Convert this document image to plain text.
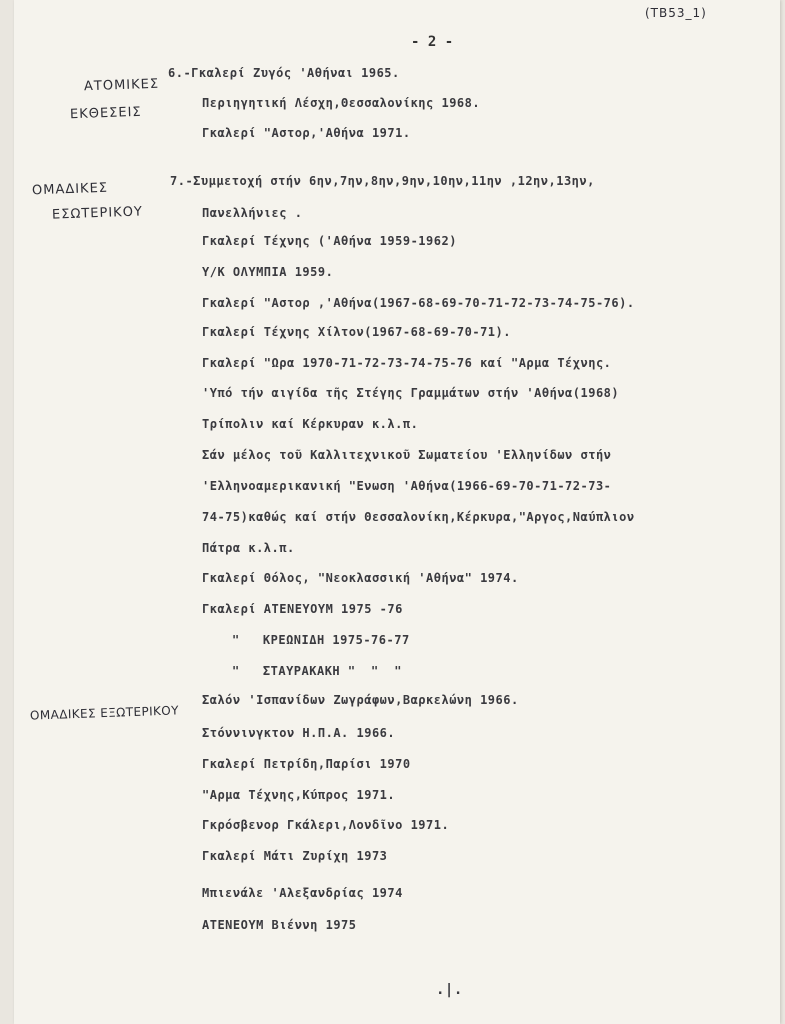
(ΤΒ53_1)
- 2 -
ΑΤΟΜΙΚΕΣ
ΕΚΘΕΣΕΙΣ
ΟΜΑΔΙΚΕΣ
ΕΣΩΤΕΡΙΚΟΥ
ΟΜΑΔΙΚΕΣ ΕΞΩΤΕΡΙΚΟΥ
6.-Γκαλερί Ζυγός 'Αθήναι 1965.
Περιηγητική Λέσχη,Θεσσαλονίκης 1968.
Γκαλερί "Αστορ,'Αθήνα 1971.
7.-Συμμετοχή στήν 6ην,7ην,8ην,9ην,10ην,11ην ,12ην,13ην,
Πανελλήνιες .
Γκαλερί Τέχνης ('Αθήνα 1959-1962)
Υ/Κ ΟΛΥΜΠΙΑ 1959.
Γκαλερί "Αστορ ,'Αθήνα(1967-68-69-70-71-72-73-74-75-76).
Γκαλερί Τέχνης Χίλτον(1967-68-69-70-71).
Γκαλερί "Ωρα 1970-71-72-73-74-75-76 καί "Αρμα Τέχνης.
'Υπό τήν αιγίδα τῆς Στέγης Γραμμάτων στήν 'Αθήνα(1968)
Τρίπολιν καί Κέρκυραν κ.λ.π.
Σάν μέλος τοῦ Καλλιτεχνικοῦ Σωματείου 'Ελληνίδων στήν
'Ελληνοαμερικανική "Ενωση 'Αθήνα(1966-69-70-71-72-73-
74-75)καθώς καί στήν Θεσσαλονίκη,Κέρκυρα,"Αργος,Ναύπλιον
Πάτρα κ.λ.π.
Γκαλερί Θόλος, "Νεοκλασσική 'Αθήνα" 1974.
Γκαλερί ΑΤΕΝΕΥΟΥΜ 1975 -76
"   ΚΡΕΩΝΙΔΗ 1975-76-77
"   ΣΤΑΥΡΑΚΑΚΗ "  "  "
Σαλόν 'Ισπανίδων Ζωγράφων,Βαρκελώνη 1966.
Στόννινγκτον Η.Π.Α. 1966.
Γκαλερί Πετρίδη,Παρίσι 1970
"Αρμα Τέχνης,Κύπρος 1971.
Γκρόσβενορ Γκάλερι,Λονδῖνο 1971.
Γκαλερί Μάτι Ζυρίχη 1973
Μπιενάλε 'Αλεξανδρίας 1974
ΑΤΕΝΕΟΥΜ Βιέννη 1975
.|.
